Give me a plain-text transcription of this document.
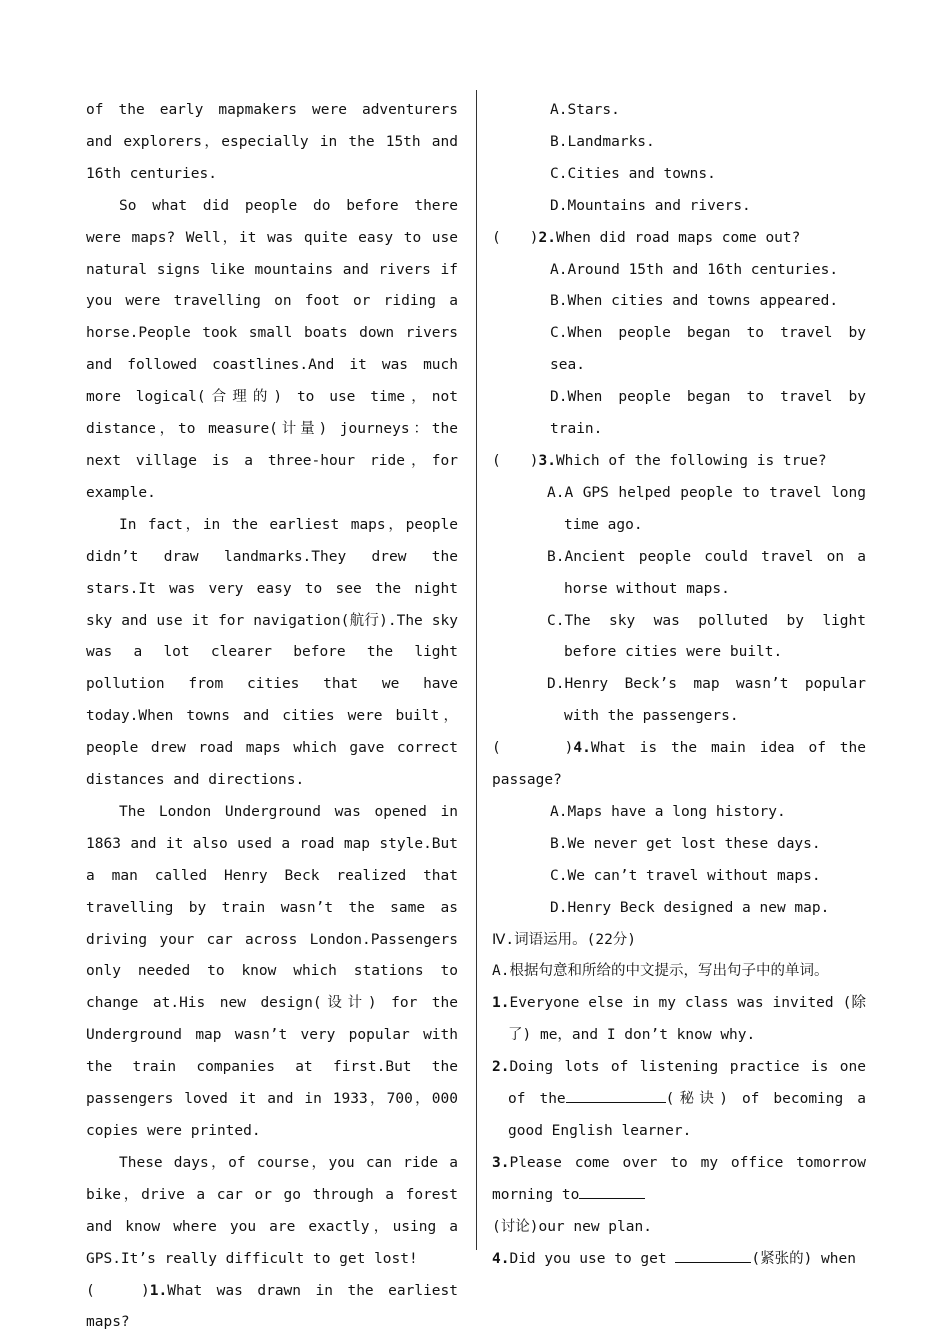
of the early mapmakers were adventurers and explorers，especially in the 15th and 16th centuries.

So what did people do before there were maps? Well，it was quite easy to use natural signs like mountains and rivers if you were travelling on foot or riding a horse.People took small boats down rivers and followed coastlines.And it was much more logical(合理的) to use time，not distance，to measure(计量) journeys：the next village is a three-hour ride，for example.

In fact，in the earliest maps，people didn’t draw landmarks.They drew the stars.It was very easy to see the night sky and use it for navigation(航行).The sky was a lot clearer before the light pollution from cities that we have today.When towns and cities were built，people drew road maps which gave correct distances and directions.

The London Underground was opened in 1863 and it also used a road map style.But a man called Henry Beck realized that travelling by train wasn’t the same as driving your car across London.Passengers only needed to know which stations to change at.His new design(设计) for the Underground map wasn’t very popular with the train companies at first.But the passengers loved it and in 1933，700，000 copies were printed.

These days，of course，you can ride a bike，drive a car or go through a forest and know where you are exactly，using a GPS.It’s really difficult to get lost!

(　　)1.What was drawn in the earliest maps?

A.Stars.

B.Landmarks.

C.Cities and towns.

D.Mountains and rivers.

(　　)2.When did road maps come out?

A.Around 15th and 16th centuries.

B.When cities and towns appeared.

C.When people began to travel by sea.

D.When people began to travel by train.

(　　)3.Which of the following is true?

A.A GPS helped people to travel long time ago.

B.Ancient people could travel on a horse without maps.

C.The sky was polluted by light before cities were built.

D.Henry Beck’s map wasn’t popular with the passengers.

(　　　)4.What is the main idea of the passage?

A.Maps have a long history.

B.We never get lost these days.

C.We can’t travel without maps.

D.Henry Beck designed a new map.

Ⅳ.词语运用。(22分)

A.根据句意和所给的中文提示，写出句子中的单词。

1.Everyone else in my class was invited (除了) me，and I don’t know why.

2.Doing lots of listening practice is one of the	(秘诀) of becoming a good English learner.

3.Please come over to my office tomorrow morning to
(讨论)our new plan.

4.Did you use to get	(紧张的) when
